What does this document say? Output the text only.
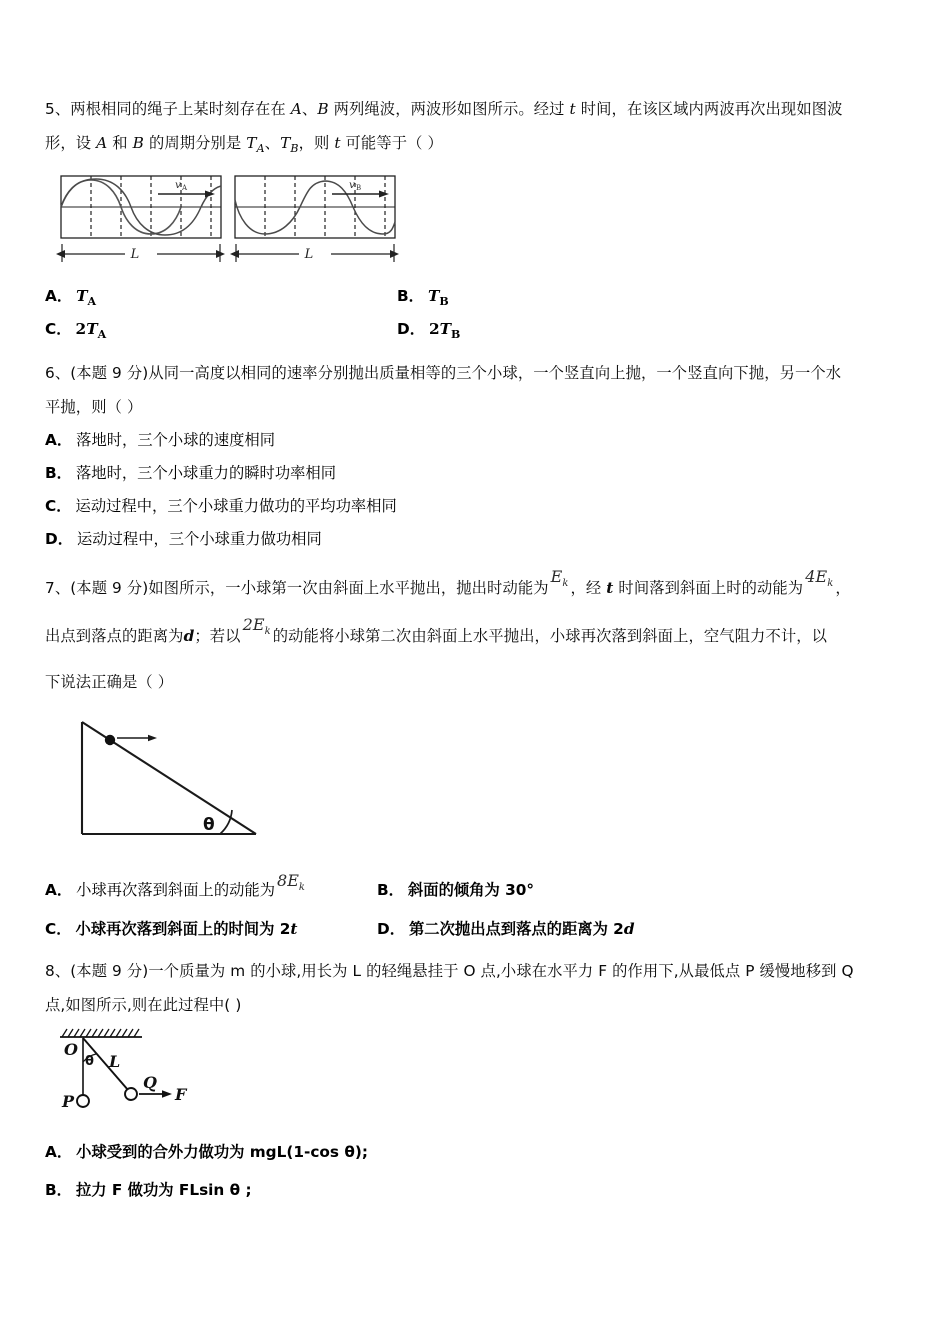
5、两根相同的绳子上某时刻存在在 A、B 两列绳波，两波形如图所示。经过 t 时间，在该区域内两波再次出现如图波
形，设 A 和 B 的周期分别是 $T_A$、$T_B$，则 t 可能等于（ ）
v A
L
v B
L
A． $T_A$	B． $T_B$
C． $2T_A$	D． $2T_B$
6、(本题 9 分)从同一高度以相同的速率分别抛出质量相等的三个小球，一个竖直向上抛，一个竖直向下抛，另一个水
平抛，则（ ）
A． 落地时，三个小球的速度相同
B． 落地时，三个小球重力的瞬时功率相同
C． 运动过程中，三个小球重力做功的平均功率相同
D． 运动过程中，三个小球重力做功相同
7、(本题 9 分)如图所示，一小球第一次由斜面上水平抛出，抛出时动能为$E_k$ ，经 t 时间落到斜面上时的动能为$4E_k$ ，
出点到落点的距离为d；若以$2E_k$ 的动能将小球第二次由斜面上水平抛出，小球再次落到斜面上，空气阻力不计，以
下说法正确是（ ）
θ
A． 小球再次落到斜面上的动能为 $8E_k$	B． 斜面的倾角为 30°
C． 小球再次落到斜面上的时间为 2 t	D． 第二次抛出点到落点的距离为 2 d
8、(本题 9 分)一个质量为 m 的小球,用长为 L 的轻绳悬挂于 O 点,小球在水平力 F 的作用下,从最低点 P 缓慢地移到 Q
点,如图所示,则在此过程中( )
O
θ L
P
Q
F
A． 小球受到的合外力做功为 mgL(1-cos θ);
B． 拉力 F 做功为 FLsin θ ;
